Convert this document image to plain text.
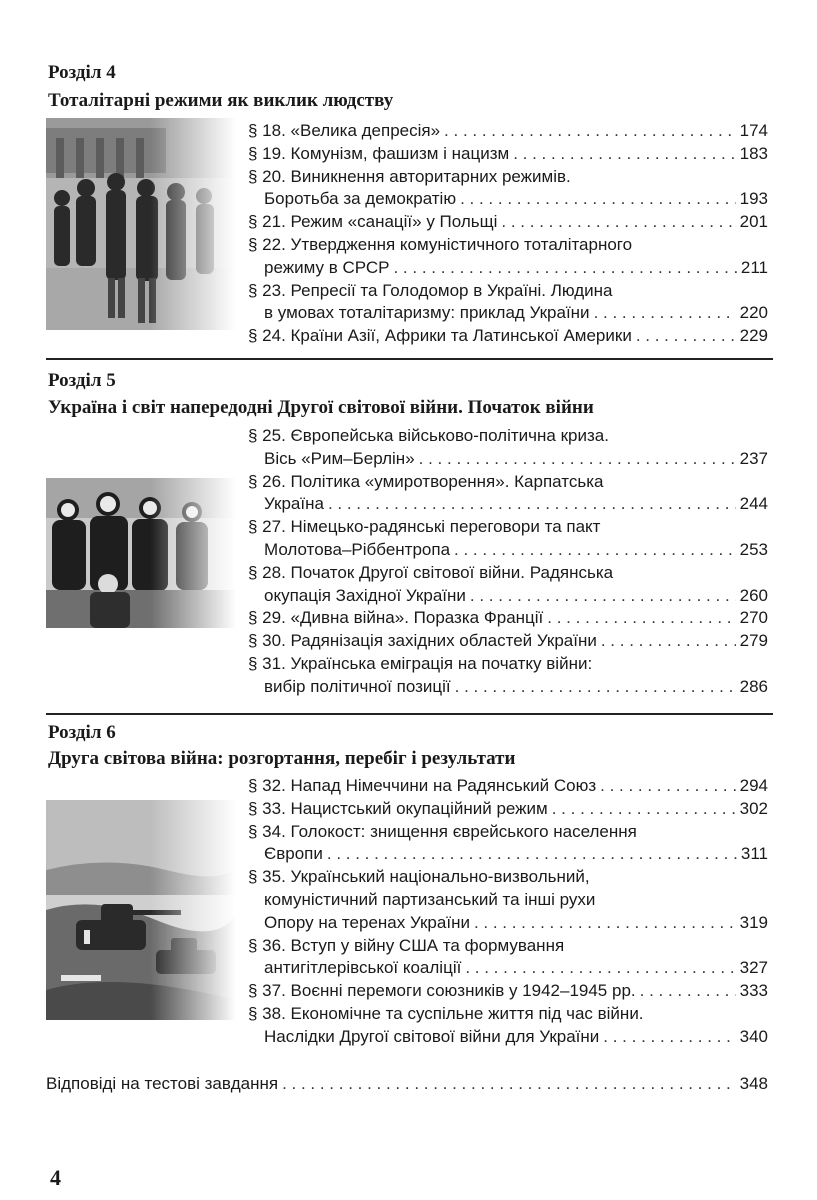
Розділ 4
Тоталітарні режими як виклик людству
§ 18. «Велика депресія» . . .	174
§ 19. Комунізм, фашизм і нацизм . . .	183
§ 20. Виникнення авторитарних режимів.
Боротьба за демократію . . .	193
§ 21. Режим «санації» у Польщі . . .	201
§ 22. Утвердження комуністичного тоталітарного
режиму в СРСР . . .	211
§ 23. Репресії та Голодомор в Україні. Людина
в умовах тоталітаризму: приклад України . . .	220
§ 24. Країни Азії, Африки та Латинської Америки . . .	229
Розділ 5
Україна і світ напередодні Другої світової війни. Початок війни
§ 25. Європейська військово-політична криза.
Вісь «Рим–Берлін» . . .	237
§ 26. Політика «умиротворення». Карпатська
Україна . . .	244
§ 27. Німецько-радянські переговори та пакт
Молотова–Ріббентропа . . .	253
§ 28. Початок Другої світової війни. Радянська
окупація Західної України . . .	260
§ 29. «Дивна війна». Поразка Франції . . .	270
§ 30. Радянізація західних областей України . . .	279
§ 31. Українська еміграція на початку війни:
вибір політичної позиції . . .	286
Розділ 6
Друга світова війна: розгортання, перебіг і результати
§ 32. Напад Німеччини на Радянський Союз . . .	294
§ 33. Нацистський окупаційний режим . . .	302
§ 34. Голокост: знищення єврейського населення
Європи . . .	311
§ 35. Український національно-визвольний,
комуністичний партизанський та інші рухи
Опору на теренах України . . .	319
§ 36. Вступ у війну США та формування
антигітлерівської коаліції . . .	327
§ 37. Воєнні перемоги союзників у 1942–1945 рр. . . .	333
§ 38. Економічне та суспільне життя під час війни.
Наслідки Другої світової війни для України . . .	340
Відповіді на тестові завдання . . .	348

4
